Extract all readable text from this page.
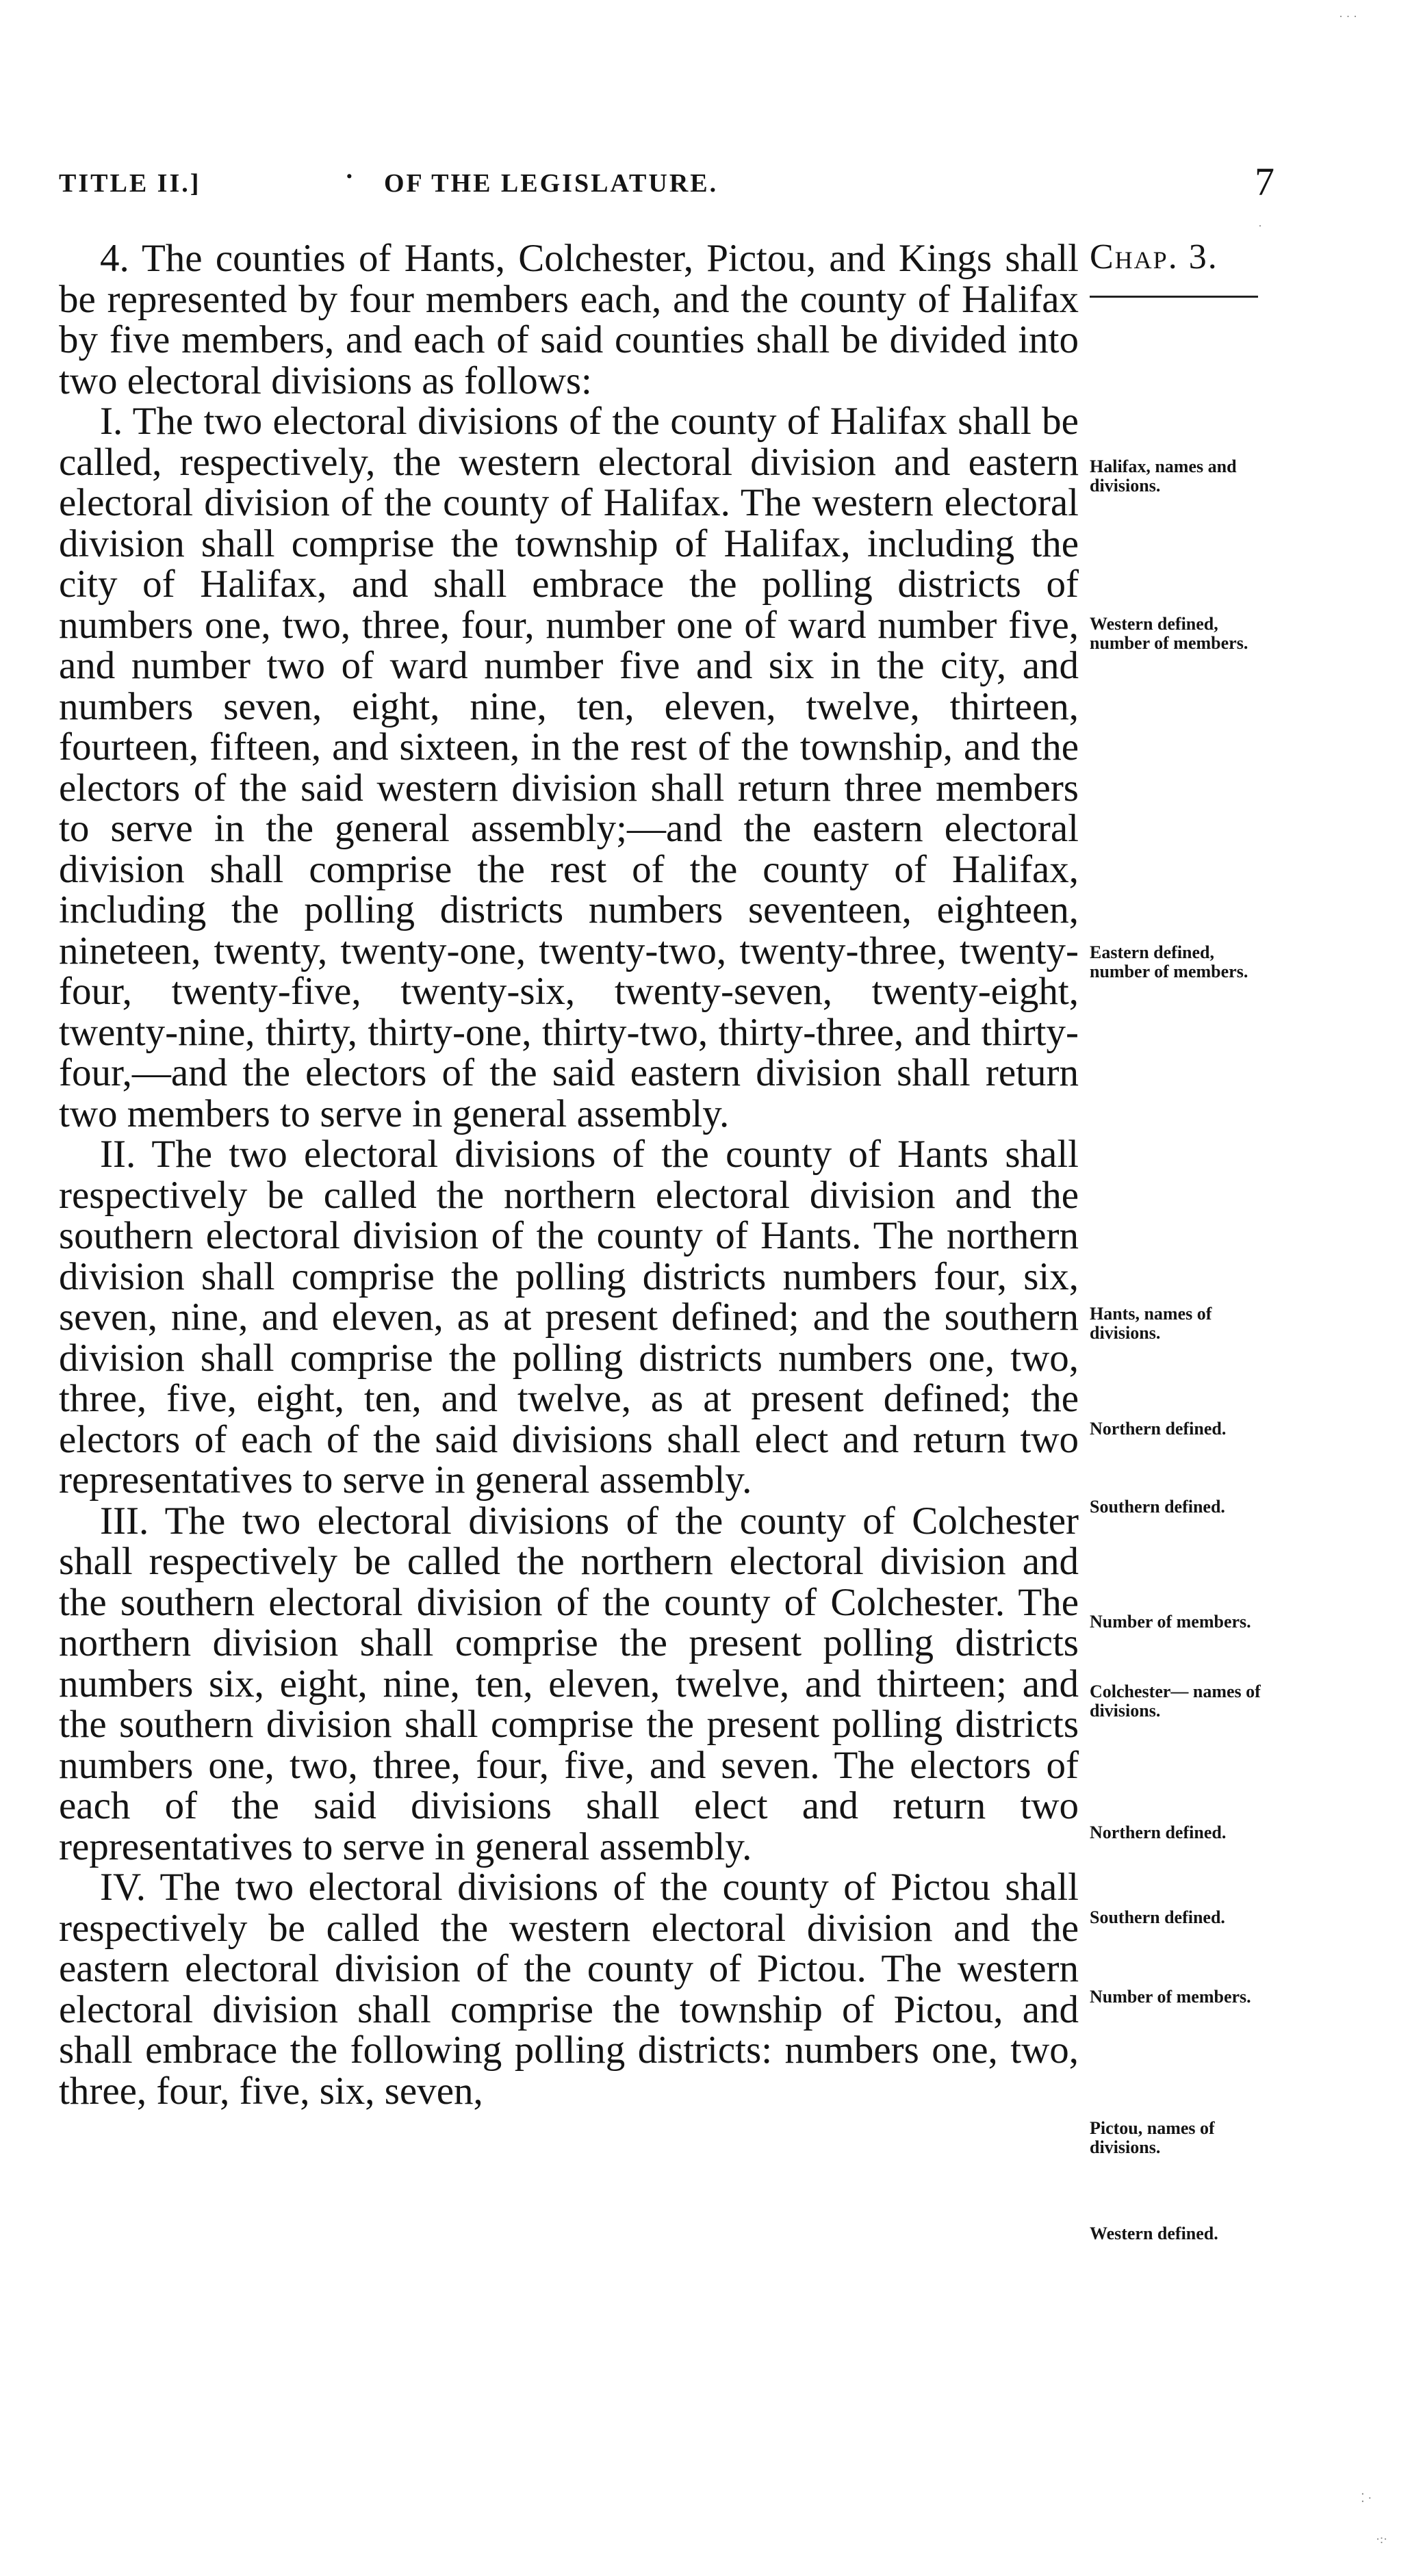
TITLE II.]	· OF THE LEGISLATURE.	7
Chap. 3.

4. The counties of Hants, Colchester, Pictou, and Kings shall be represented by four members each, and the county of Halifax by five members, and each of said counties shall be divided into two electoral divisions as follows:

I. The two electoral divisions of the county of Halifax shall be called, respectively, the western electoral division and eastern electoral division of the county of Halifax. The western electoral division shall comprise the township of Halifax, including the city of Halifax, and shall embrace the polling districts of numbers one, two, three, four, number one of ward number five, and number two of ward number five and six in the city, and numbers seven, eight, nine, ten, eleven, twelve, thirteen, fourteen, fifteen, and sixteen, in the rest of the township, and the electors of the said western division shall return three members to serve in the general assembly;—and the eastern electoral division shall comprise the rest of the county of Halifax, including the polling districts numbers seventeen, eighteen, nineteen, twenty, twenty-one, twenty-two, twenty-three, twenty-four, twenty-five, twenty-six, twenty-seven, twenty-eight, twenty-nine, thirty, thirty-one, thirty-two, thirty-three, and thirty-four,—and the electors of the said eastern division shall return two members to serve in general assembly.

II. The two electoral divisions of the county of Hants shall respectively be called the northern electoral division and the southern electoral division of the county of Hants. The northern division shall comprise the polling districts numbers four, six, seven, nine, and eleven, as at present defined; and the southern division shall comprise the polling districts numbers one, two, three, five, eight, ten, and twelve, as at present defined; the electors of each of the said divisions shall elect and return two representatives to serve in general assembly.

III. The two electoral divisions of the county of Colchester shall respectively be called the northern electoral division and the southern electoral division of the county of Colchester. The northern division shall comprise the present polling districts numbers six, eight, nine, ten, eleven, twelve, and thirteen; and the southern division shall comprise the present polling districts numbers one, two, three, four, five, and seven. The electors of each of the said divisions shall elect and return two representatives to serve in general assembly.

IV. The two electoral divisions of the county of Pictou shall respectively be called the western electoral division and the eastern electoral division of the county of Pictou. The western electoral division shall comprise the township of Pictou, and shall embrace the following polling districts: numbers one, two, three, four, five, six, seven,

Halifax, names and divisions.
Western defined, number of members.
Eastern defined, number of members.
Hants, names of divisions.
Northern defined.
Southern defined.
Number of members.
Colchester— names of divisions.
Northern defined.
Southern defined.
Number of members.
Pictou, names of divisions.
Western defined.
· · ·
·
⁚ ·
·:·
